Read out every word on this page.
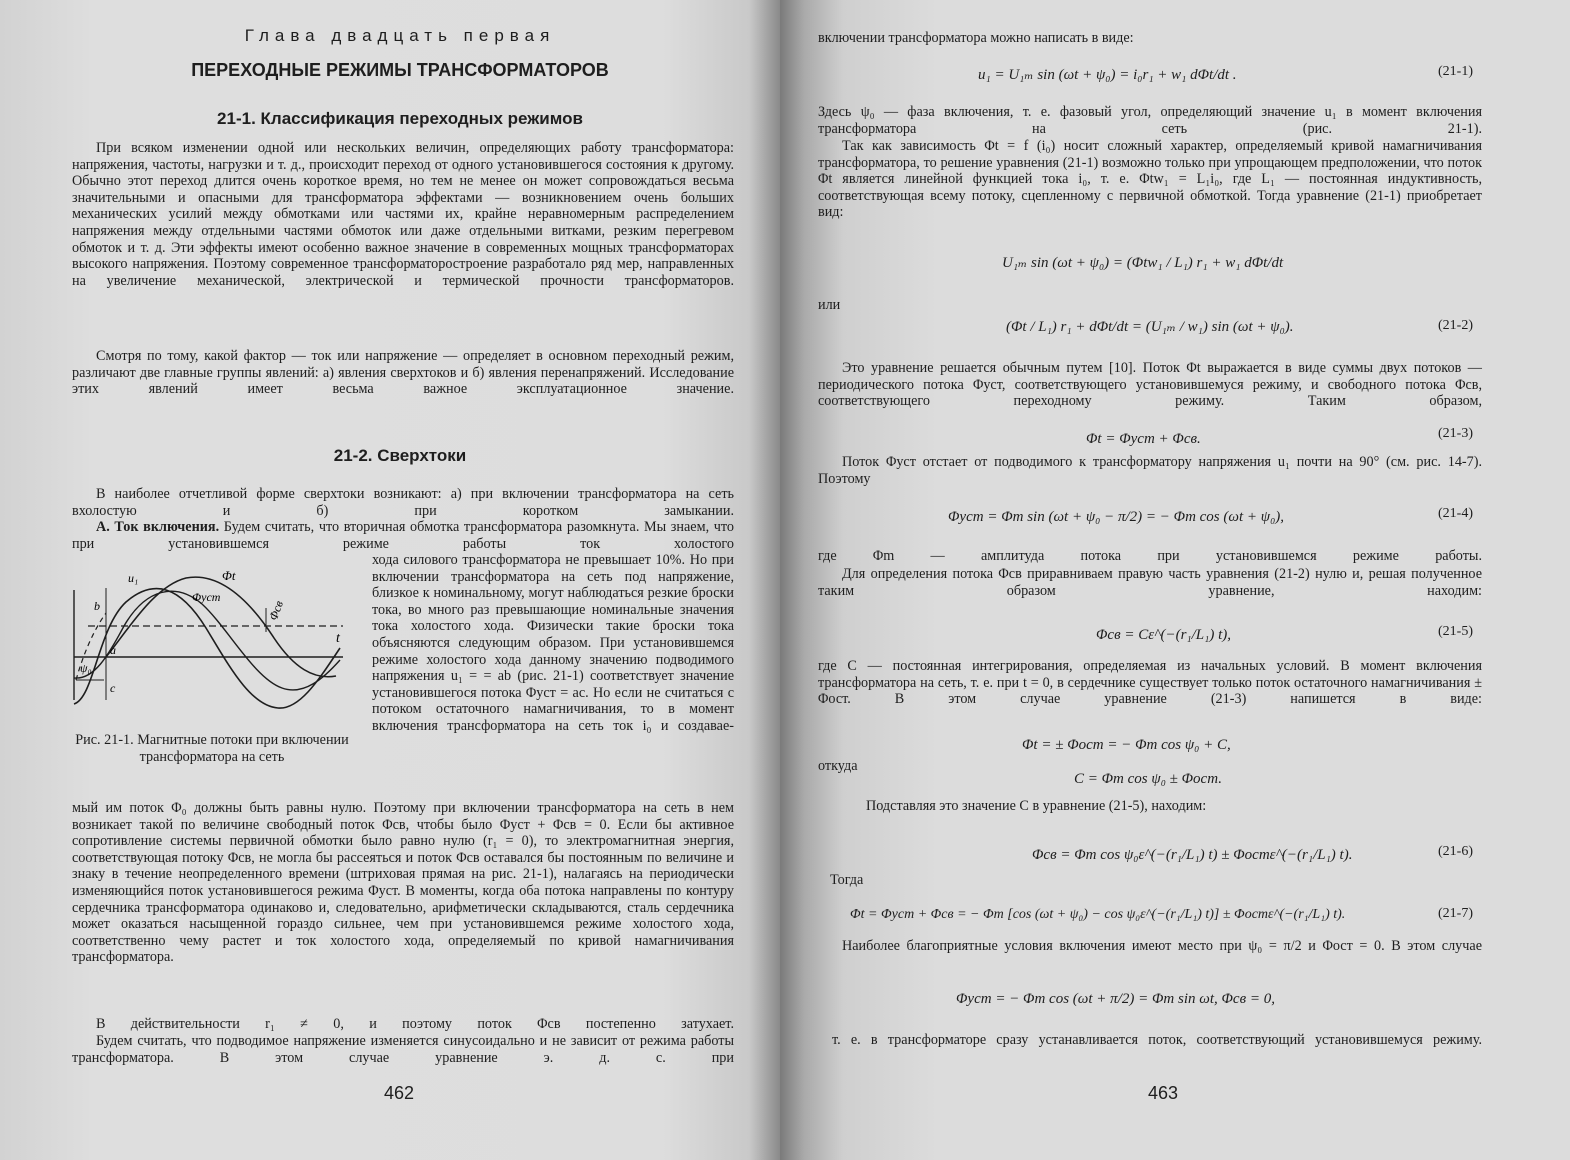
Глава двадцать первая
ПЕРЕХОДНЫЕ РЕЖИМЫ ТРАНСФОРМАТОРОВ
21-1. Классификация переходных режимов
При всяком изменении одной или нескольких величин, определяющих работу трансформатора: напряжения, частоты, нагрузки и т. д., происходит переход от одного установившегося состояния к другому. Обычно этот переход длится очень короткое время, но тем не менее он может сопровождаться весьма значительными и опасными для трансформатора эффектами — возникновением очень больших механических усилий между обмотками или частями их, крайне неравномерным распределением напряжения между отдельными частями обмоток или даже отдельными витками, резким перегревом обмоток и т. д. Эти эффекты имеют особенно важное значение в современных мощных трансформаторах высокого напряжения. Поэтому современное трансформаторостроение разработало ряд мер, направленных на увеличение механической, электрической и термической прочности трансформаторов.
Смотря по тому, какой фактор — ток или напряжение — определяет в основном переходный режим, различают две главные группы явлений: а) явления сверхтоков и б) явления перенапряжений. Исследование этих явлений имеет весьма важное эксплуатационное значение.
21-2. Сверхтоки
В наиболее отчетливой форме сверхтоки возникают: а) при включении трансформатора на сеть вхолостую и б) при коротком замыкании.
А. Ток включения. Будем считать, что вторичная обмотка трансформатора разомкнута. Мы знаем, что при установившемся режиме работы ток холостого
хода силового трансформатора не превышает 10%. Но при включении трансформатора на сеть под напряжение, близкое к номинальному, могут наблюдаться резкие броски тока, во много раз превышающие номинальные значения тока холостого хода. Физически такие броски тока объясняются следующим образом. При установившемся режиме холостого хода данному значению подводимого напряжения u₁ = = ab (рис. 21-1) соответствует значение установившегося потока Φуст = ac. Но если не считаться с потоком остаточного намагничивания, то в момент включения трансформатора на сеть ток i₀ и создавае-
u₁	Φt
Φуст
Φсв
t
a
b
c
ψ₀
Рис. 21-1. Магнитные потоки при включении трансформатора на сеть
мый им поток Φ₀ должны быть равны нулю. Поэтому при включении трансформатора на сеть в нем возникает такой по величине свободный поток Φсв, чтобы было Φуст + Φсв = 0. Если бы активное сопротивление системы первичной обмотки было равно нулю (r₁ = 0), то электромагнитная энергия, соответствующая потоку Φсв, не могла бы рассеяться и поток Φсв оставался бы постоянным по величине и знаку в течение неопределенного времени (штриховая прямая на рис. 21-1), налагаясь на периодически изменяющийся поток установившегося режима Φуст. В моменты, когда оба потока направлены по контуру сердечника трансформатора одинаково и, следовательно, арифметически складываются, сталь сердечника может оказаться насыщенной гораздо сильнее, чем при установившемся режиме холостого хода, соответственно чему растет и ток холостого хода, определяемый по кривой намагничивания трансформатора.
В действительности r₁ ≠ 0, и поэтому поток Φсв постепенно затухает.
Будем считать, что подводимое напряжение изменяется синусоидально и не зависит от режима работы трансформатора. В этом случае уравнение э. д. с. при
462
включении трансформатора можно написать в виде:
u₁ = U₁ₘ sin (ωt + ψ₀) = i₀r₁ + w₁ dΦt/dt .	(21-1)
Здесь ψ₀ — фаза включения, т. е. фазовый угол, определяющий значение u₁ в момент включения трансформатора на сеть (рис. 21-1).
Так как зависимость Φt = f (i₀) носит сложный характер, определяемый кривой намагничивания трансформатора, то решение уравнения (21-1) возможно только при упрощающем предположении, что поток Φt является линейной функцией тока i₀, т. е. Φtw₁ = L₁i₀, где L₁ — постоянная индуктивность, соответствующая всему потоку, сцепленному с первичной обмоткой. Тогда уравнение (21-1) приобретает вид:
U₁ₘ sin (ωt + ψ₀) = (Φtw₁ / L₁) r₁ + w₁ dΦt/dt
или
(Φt / L₁) r₁ + dΦt/dt = (U₁ₘ / w₁) sin (ωt + ψ₀).	(21-2)
Это уравнение решается обычным путем [10]. Поток Φt выражается в виде суммы двух потоков — периодического потока Φуст, соответствующего установившемуся режиму, и свободного потока Φсв, соответствующего переходному режиму. Таким образом,
Φt = Φуст + Φсв.	(21-3)
Поток Φуст отстает от подводимого к трансформатору напряжения u₁ почти на 90° (см. рис. 14-7). Поэтому
Φуст = Φm sin (ωt + ψ₀ − π/2) = − Φm cos (ωt + ψ₀),	(21-4)
где Φm — амплитуда потока при установившемся режиме работы.
Для определения потока Φсв приравниваем правую часть уравнения (21-2) нулю и, решая полученное таким образом уравнение, находим:
Φсв = Cε^(−(r₁/L₁) t),	(21-5)
где C — постоянная интегрирования, определяемая из начальных условий. В момент включения трансформатора на сеть, т. е. при t = 0, в сердечнике существует только поток остаточного намагничивания ± Φост. В этом случае уравнение (21-3) напишется в виде:
Φt = ± Φост = − Φm cos ψ₀ + C,
откуда
C = Φm cos ψ₀ ± Φост.
Подставляя это значение C в уравнение (21-5), находим:
Φсв = Φm cos ψ₀ε^(−(r₁/L₁) t) ± Φостε^(−(r₁/L₁) t).	(21-6)
Тогда
Φt = Φуст + Φсв = − Φm [cos (ωt + ψ₀) − cos ψ₀ε^(−(r₁/L₁) t)] ± Φостε^(−(r₁/L₁) t).	(21-7)
Наиболее благоприятные условия включения имеют место при ψ₀ = π/2 и Φост = 0. В этом случае
Φуст = − Φm cos (ωt + π/2) = Φm sin ωt, Φсв = 0,
т. е. в трансформаторе сразу устанавливается поток, соответствующий установившемуся режиму.
463
